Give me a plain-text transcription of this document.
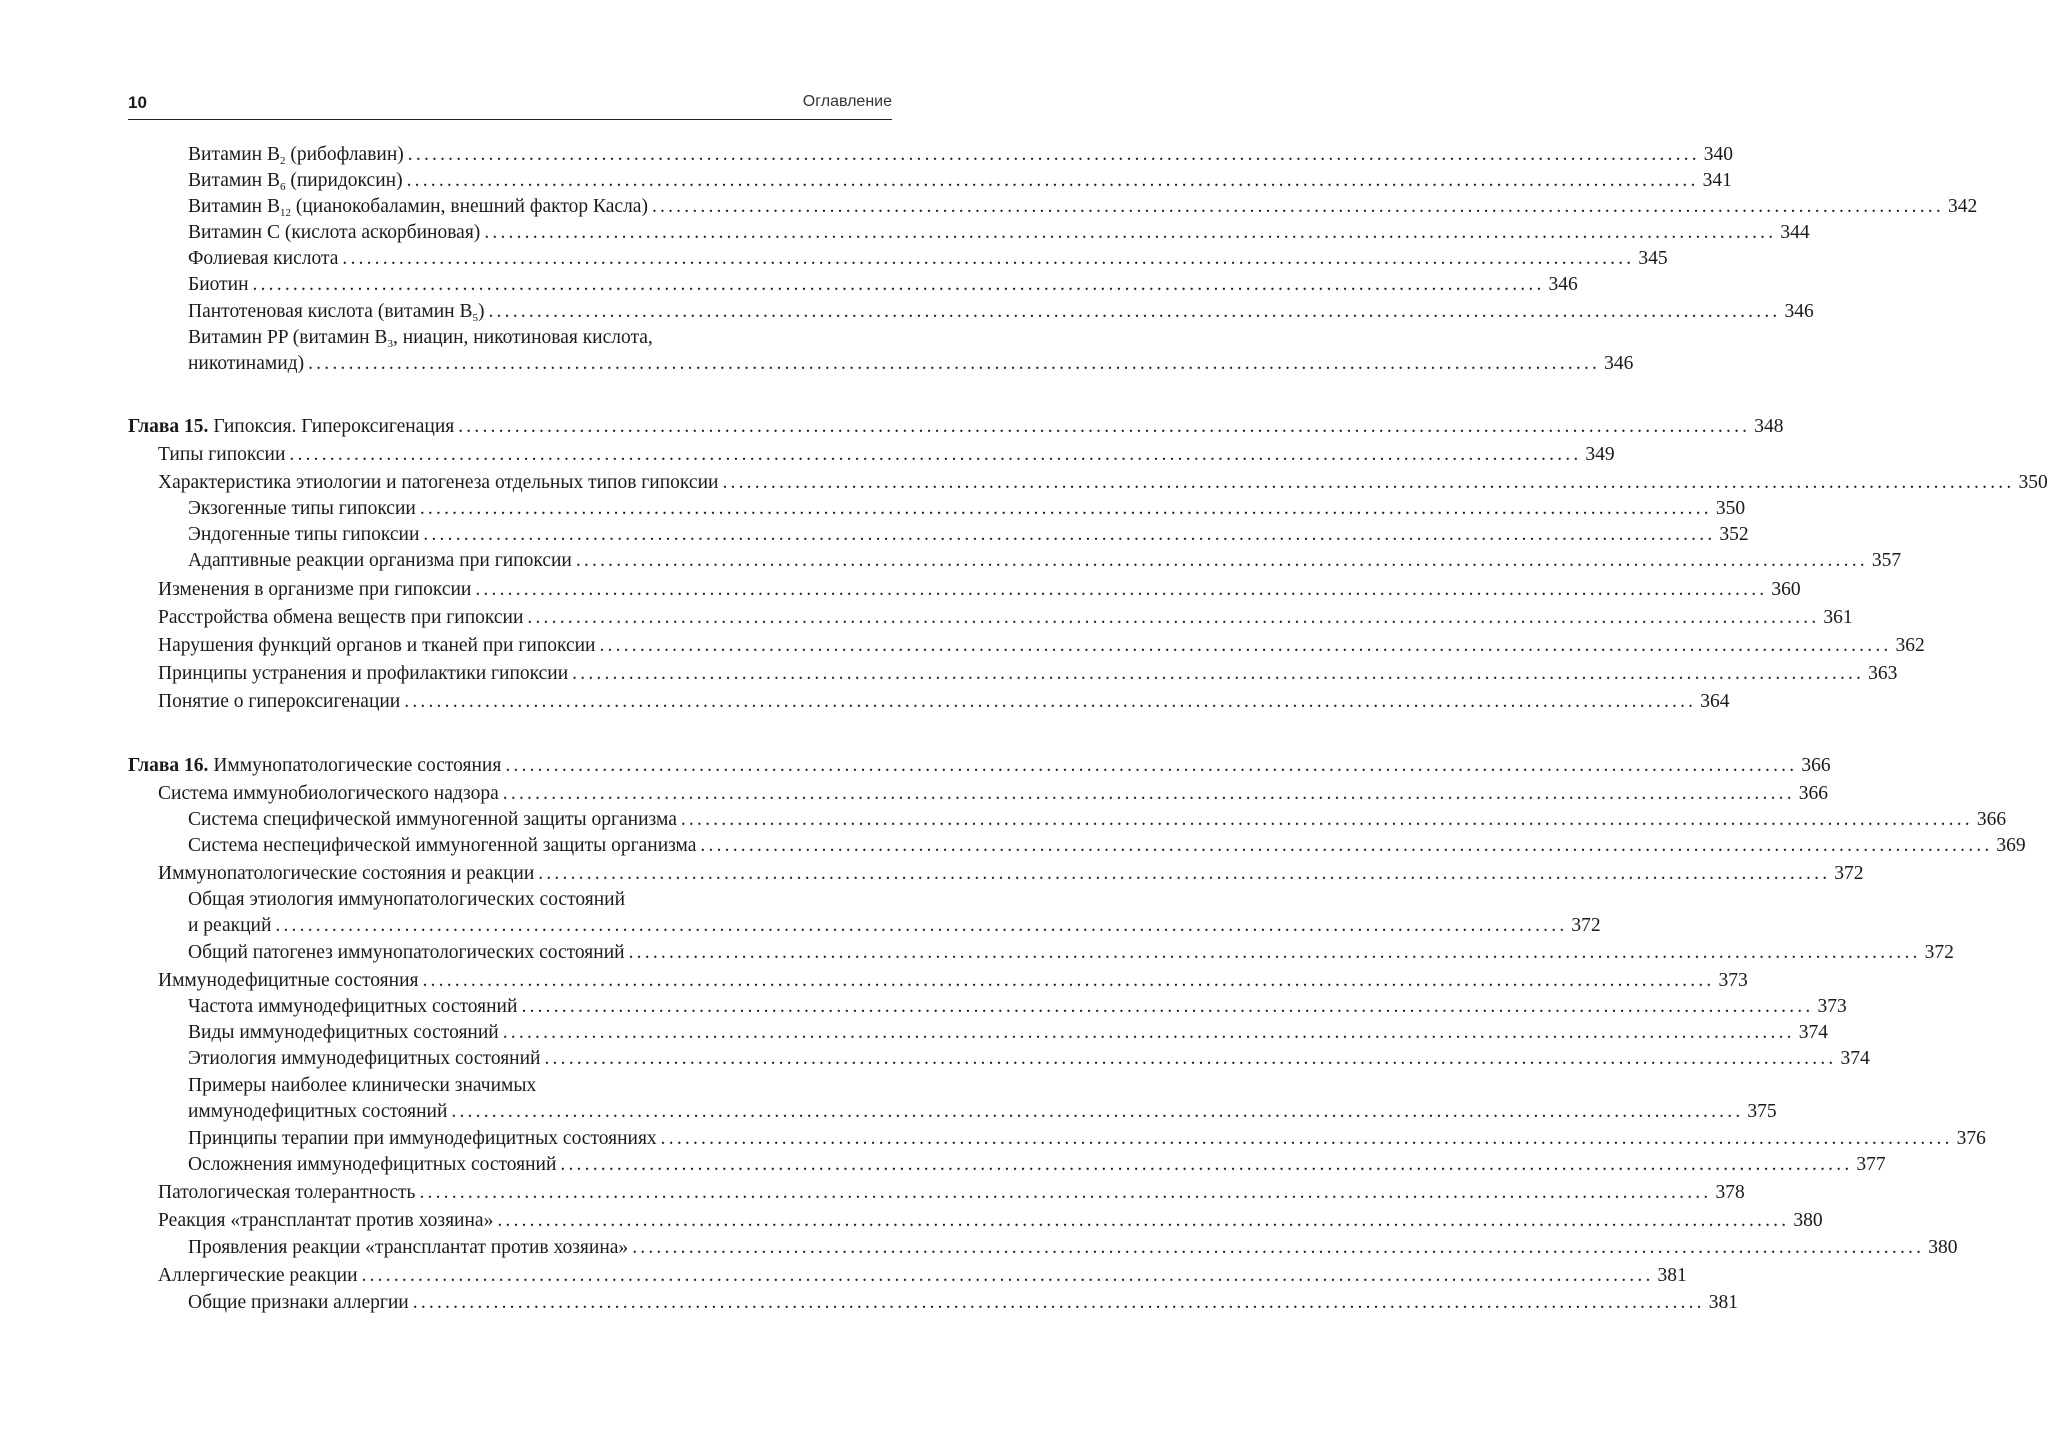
10	Оглавление
Витамин $B_2$ (рибофлавин) ................................................................................................................................................................ 340
Витамин $B_6$ (пиридоксин) ................................................................................................................................................................ 341
Витамин $B_{12}$ (цианокобаламин, внешний фактор Касла) ................................................................................................................................................................ 342
Витамин C (кислота аскорбиновая) ................................................................................................................................................................ 344
Фолиевая кислота ................................................................................................................................................................ 345
Биотин ................................................................................................................................................................ 346
Пантотеновая кислота (витамин $B_5$) ................................................................................................................................................................ 346
Витамин PP (витамин $B_3$, ниацин, никотиновая кислота,
никотинамид) ................................................................................................................................................................ 346
Глава 15. Гипоксия. Гипероксигенация ................................................................................................................................................................ 348
Типы гипоксии ................................................................................................................................................................ 349
Характеристика этиологии и патогенеза отдельных типов гипоксии ................................................................................................................................................................ 350
Экзогенные типы гипоксии ................................................................................................................................................................ 350
Эндогенные типы гипоксии ................................................................................................................................................................ 352
Адаптивные реакции организма при гипоксии ................................................................................................................................................................ 357
Изменения в организме при гипоксии ................................................................................................................................................................ 360
Расстройства обмена веществ при гипоксии ................................................................................................................................................................ 361
Нарушения функций органов и тканей при гипоксии ................................................................................................................................................................ 362
Принципы устранения и профилактики гипоксии ................................................................................................................................................................ 363
Понятие о гипероксигенации ................................................................................................................................................................ 364
Глава 16. Иммунопатологические состояния ................................................................................................................................................................ 366
Система иммунобиологического надзора ................................................................................................................................................................ 366
Система специфической иммуногенной защиты организма ................................................................................................................................................................ 366
Система неспецифической иммуногенной защиты организма ................................................................................................................................................................ 369
Иммунопатологические состояния и реакции ................................................................................................................................................................ 372
Общая этиология иммунопатологических состояний
и реакций ................................................................................................................................................................ 372
Общий патогенез иммунопатологических состояний ................................................................................................................................................................ 372
Иммунодефицитные состояния ................................................................................................................................................................ 373
Частота иммунодефицитных состояний ................................................................................................................................................................ 373
Виды иммунодефицитных состояний ................................................................................................................................................................ 374
Этиология иммунодефицитных состояний ................................................................................................................................................................ 374
Примеры наиболее клинически значимых
иммунодефицитных состояний ................................................................................................................................................................ 375
Принципы терапии при иммунодефицитных состояниях ................................................................................................................................................................ 376
Осложнения иммунодефицитных состояний ................................................................................................................................................................ 377
Патологическая толерантность ................................................................................................................................................................ 378
Реакция «трансплантат против хозяина» ................................................................................................................................................................ 380
Проявления реакции «трансплантат против хозяина» ................................................................................................................................................................ 380
Аллергические реакции ................................................................................................................................................................ 381
Общие признаки аллергии ................................................................................................................................................................ 381
